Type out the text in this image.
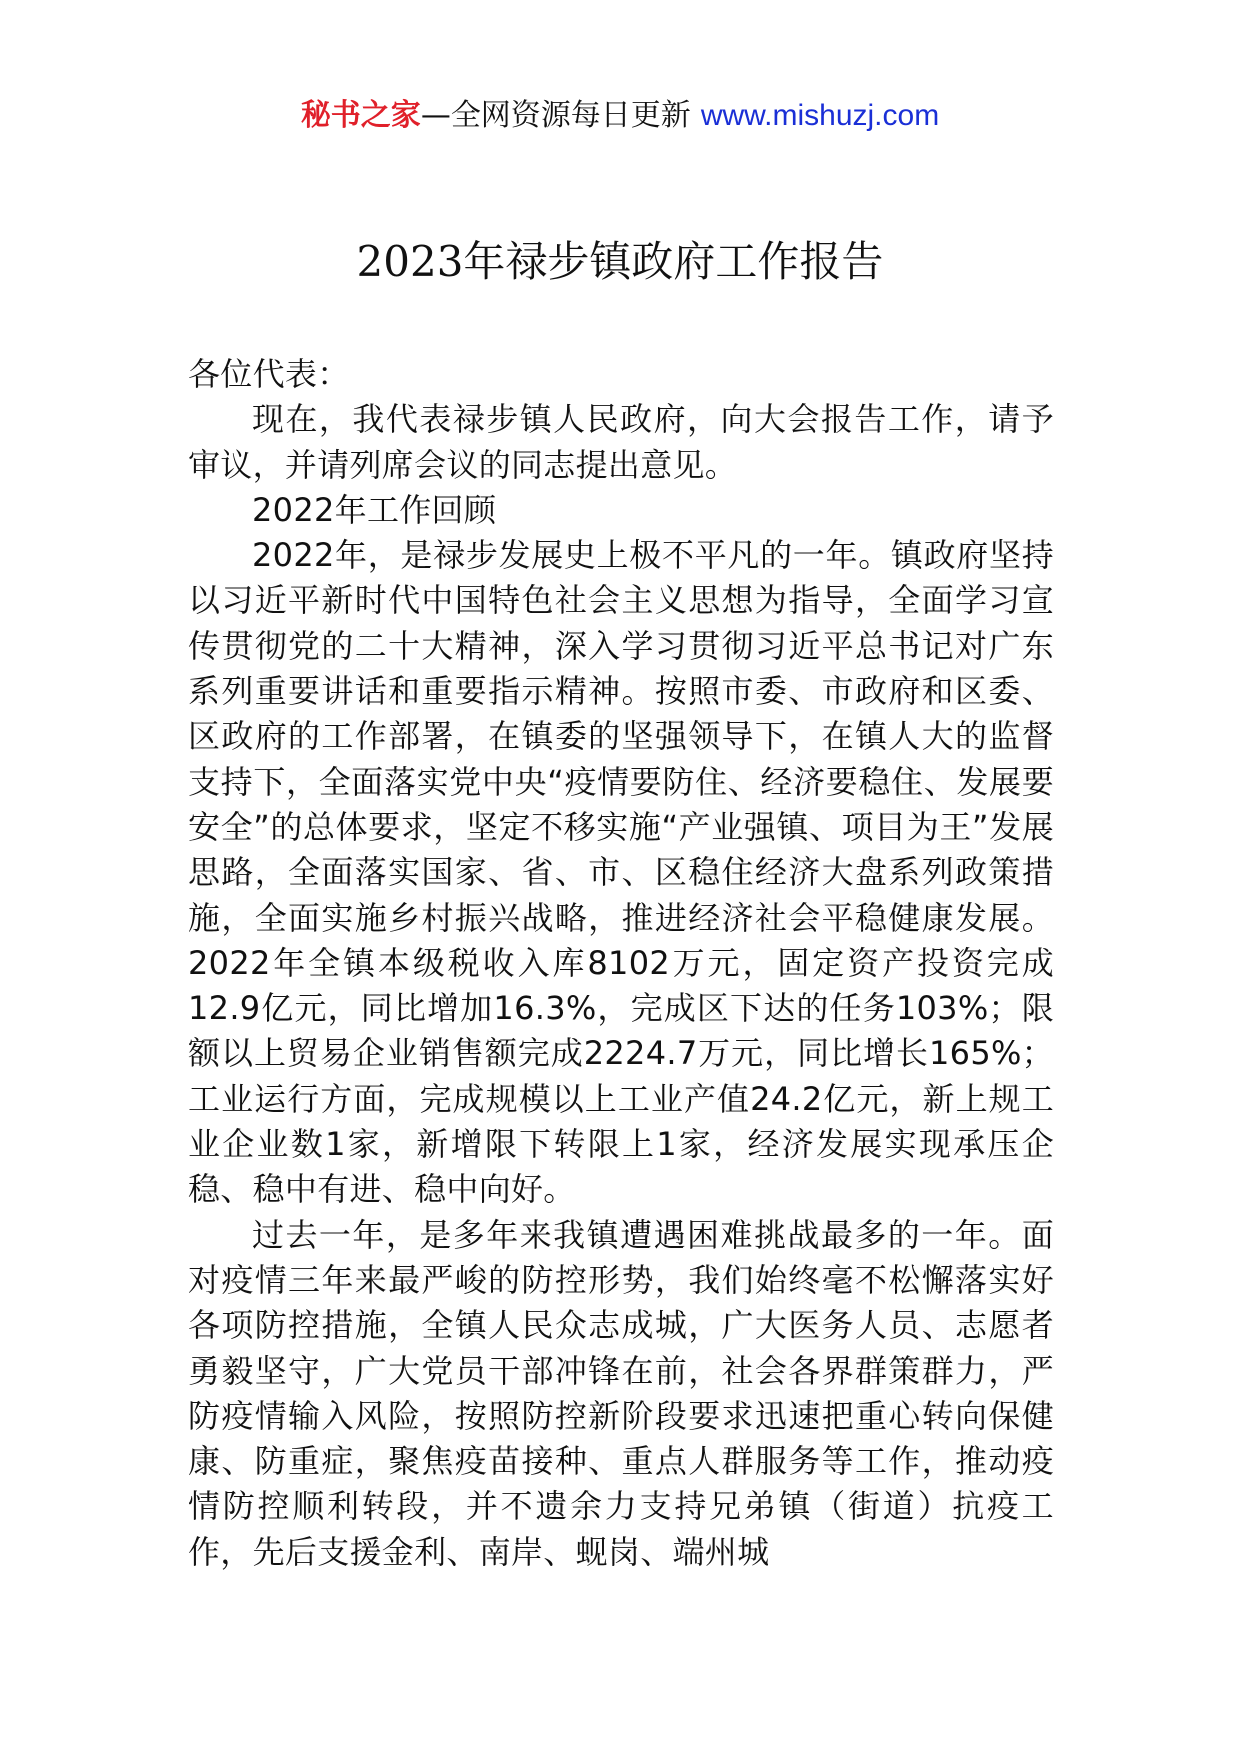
秘书之家—全网资源每日更新 www.mishuzj.com
2023年禄步镇政府工作报告

各位代表：

现在，我代表禄步镇人民政府，向大会报告工作，请予审议，并请列席会议的同志提出意见。

2022年工作回顾

2022年，是禄步发展史上极不平凡的一年。镇政府坚持以习近平新时代中国特色社会主义思想为指导，全面学习宣传贯彻党的二十大精神，深入学习贯彻习近平总书记对广东系列重要讲话和重要指示精神。按照市委、市政府和区委、区政府的工作部署，在镇委的坚强领导下，在镇人大的监督支持下，全面落实党中央“疫情要防住、经济要稳住、发展要安全”的总体要求，坚定不移实施“产业强镇、项目为王”发展思路，全面落实国家、省、市、区稳住经济大盘系列政策措施，全面实施乡村振兴战略，推进经济社会平稳健康发展。2022年全镇本级税收入库8102万元，固定资产投资完成12.9亿元，同比增加16.3%，完成区下达的任务103%；限额以上贸易企业销售额完成2224.7万元，同比增长165%；工业运行方面，完成规模以上工业产值24.2亿元，新上规工业企业数1家，新增限下转限上1家，经济发展实现承压企稳、稳中有进、稳中向好。

过去一年，是多年来我镇遭遇困难挑战最多的一年。面对疫情三年来最严峻的防控形势，我们始终毫不松懈落实好各项防控措施，全镇人民众志成城，广大医务人员、志愿者勇毅坚守，广大党员干部冲锋在前，社会各界群策群力，严防疫情输入风险，按照防控新阶段要求迅速把重心转向保健康、防重症，聚焦疫苗接种、重点人群服务等工作，推动疫情防控顺利转段，并不遗余力支持兄弟镇（街道）抗疫工作，先后支援金利、南岸、蚬岗、端州城
